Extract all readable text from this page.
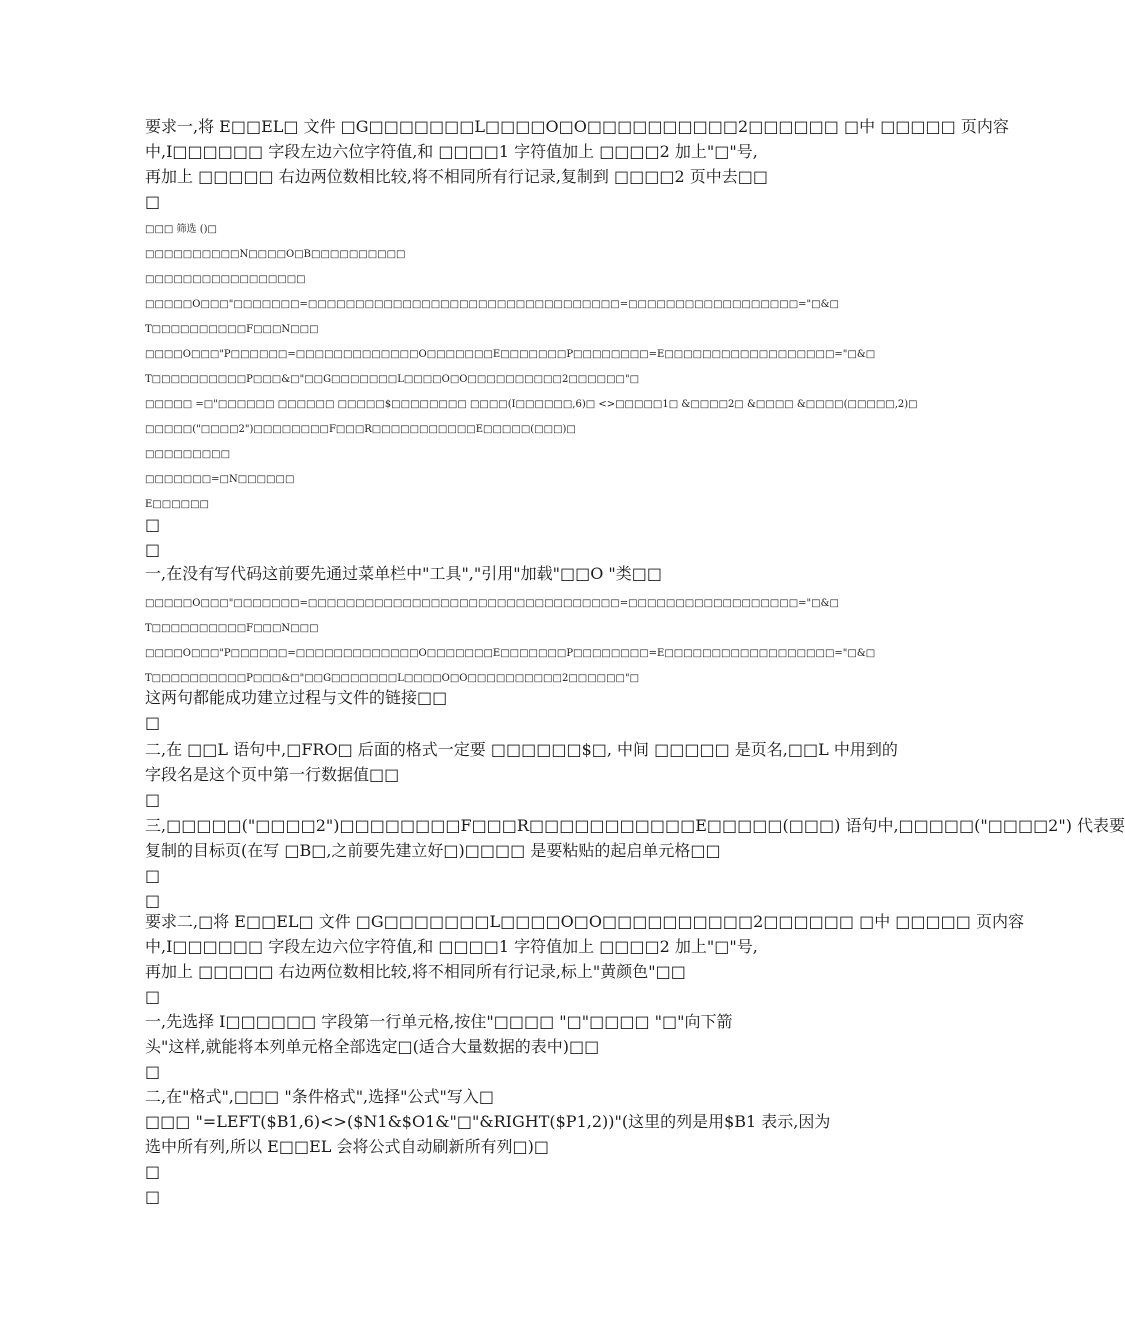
要求一,将 E□□EL□ 文件 □G□□□□□□□L□□□□O□O□□□□□□□□□□2□□□□□□ □中 □□□□□ 页内容
中,I□□□□□□ 字段左边六位字符值,和 □□□□1 字符值加上 □□□□2 加上"□"号,
再加上 □□□□□ 右边两位数相比较,将不相同所有行记录,复制到 □□□□2 页中去□□
□
□□□ 筛选 ()□
□□□□□□□□□□N□□□□O□B□□□□□□□□□□
□□□□□□□□□□□□□□□□□
□□□□□O□□□"□□□□□□□=□□□□□□□□□□□□□□□□□□□□□□□□□□□□□□□□□=□□□□□□□□□□□□□□□□□□="□&□
T□□□□□□□□□□F□□□N□□□
□□□□O□□□"P□□□□□□=□□□□□□□□□□□□□O□□□□□□□E□□□□□□□P□□□□□□□□=E□□□□□□□□□□□□□□□□□□="□&□
T□□□□□□□□□□P□□□&□"□□G□□□□□□□L□□□□O□O□□□□□□□□□□2□□□□□□"□
□□□□□ =□"□□□□□□ □□□□□□ □□□□□$□□□□□□□□ □□□□(I□□□□□□,6)□ <>□□□□□1□ &□□□□2□ &□□□□ &□□□□(□□□□□,2)□
□□□□□("□□□□2")□□□□□□□□F□□□R□□□□□□□□□□□E□□□□□(□□□)□
□□□□□□□□□
□□□□□□□=□N□□□□□□
E□□□□□□
□
□
一,在没有写代码这前要先通过菜单栏中"工具","引用"加载"□□O "类□□
□□□□□O□□□"□□□□□□□=□□□□□□□□□□□□□□□□□□□□□□□□□□□□□□□□□=□□□□□□□□□□□□□□□□□□="□&□
T□□□□□□□□□□F□□□N□□□
□□□□O□□□"P□□□□□□=□□□□□□□□□□□□□O□□□□□□□E□□□□□□□P□□□□□□□□=E□□□□□□□□□□□□□□□□□□="□&□
T□□□□□□□□□□P□□□&□"□□G□□□□□□□L□□□□O□O□□□□□□□□□□2□□□□□□"□
这两句都能成功建立过程与文件的链接□□
□
二,在 □□L 语句中,□FRO□ 后面的格式一定要 □□□□□□$□, 中间 □□□□□ 是页名,□□L 中用到的
字段名是这个页中第一行数据值□□
□
三,□□□□□("□□□□2")□□□□□□□□F□□□R□□□□□□□□□□□E□□□□□(□□□) 语句中,□□□□□("□□□□2") 代表要
复制的目标页(在写 □B□,之前要先建立好□)□□□□ 是要粘贴的起启单元格□□
□
□
要求二,□将 E□□EL□ 文件 □G□□□□□□□L□□□□O□O□□□□□□□□□□2□□□□□□ □中 □□□□□ 页内容
中,I□□□□□□ 字段左边六位字符值,和 □□□□1 字符值加上 □□□□2 加上"□"号,
再加上 □□□□□ 右边两位数相比较,将不相同所有行记录,标上"黄颜色"□□
□
一,先选择 I□□□□□□ 字段第一行单元格,按住"□□□□ "□"□□□□ "□"向下箭
头"这样,就能将本列单元格全部选定□(适合大量数据的表中)□□
□
二,在"格式",□□□ "条件格式",选择"公式"写入□
□□□ "=LEFT($B1,6)<>($N1&$O1&"□"&RIGHT($P1,2))"(这里的列是用$B1 表示,因为
选中所有列,所以 E□□EL 会将公式自动刷新所有列□)□
□
□
